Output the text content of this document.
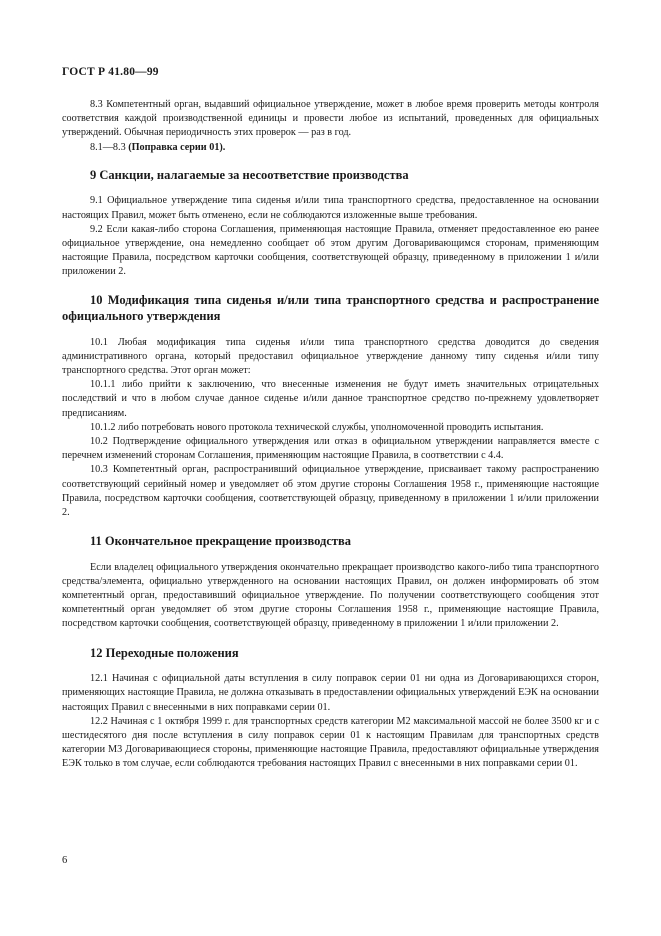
ГОСТ Р 41.80—99

8.3 Компетентный орган, выдавший официальное утверждение, может в любое время проверить методы контроля соответствия каждой производственной единицы и провести любое из испытаний, проведенных для официальных утверждений. Обычная периодичность этих проверок — раз в год.

8.1—8.3 (Поправка серии 01).

9 Санкции, налагаемые за несоответствие производства

9.1 Официальное утверждение типа сиденья и/или типа транспортного средства, предоставленное на основании настоящих Правил, может быть отменено, если не соблюдаются изложенные выше требования.

9.2 Если какая-либо сторона Соглашения, применяющая настоящие Правила, отменяет предоставленное ею ранее официальное утверждение, она немедленно сообщает об этом другим Договаривающимся сторонам, применяющим настоящие Правила, посредством карточки сообщения, соответствующей образцу, приведенному в приложении 1 и/или приложении 2.

10 Модификация типа сиденья и/или типа транспортного средства и распространение официального утверждения

10.1 Любая модификация типа сиденья и/или типа транспортного средства доводится до сведения административного органа, который предоставил официальное утверждение данному типу сиденья и/или типу транспортного средства. Этот орган может:

10.1.1 либо прийти к заключению, что внесенные изменения не будут иметь значительных отрицательных последствий и что в любом случае данное сиденье и/или данное транспортное средство по-прежнему удовлетворяет предписаниям.

10.1.2 либо потребовать нового протокола технической службы, уполномоченной проводить испытания.

10.2 Подтверждение официального утверждения или отказ в официальном утверждении направляется вместе с перечнем изменений сторонам Соглашения, применяющим настоящие Правила, в соответствии с 4.4.

10.3 Компетентный орган, распространивший официальное утверждение, присваивает такому распространению соответствующий серийный номер и уведомляет об этом другие стороны Соглашения 1958 г., применяющие настоящие Правила, посредством карточки сообщения, соответствующей образцу, приведенному в приложении 1 и/или приложении 2.

11 Окончательное прекращение производства

Если владелец официального утверждения окончательно прекращает производство какого-либо типа транспортного средства/элемента, официально утвержденного на основании настоящих Правил, он должен информировать об этом компетентный орган, предоставивший официальное утверждение. По получении соответствующего сообщения этот компетентный орган уведомляет об этом другие стороны Соглашения 1958 г., применяющие настоящие Правила, посредством карточки сообщения, соответствующей образцу, приведенному в приложении 1 и/или приложении 2.

12 Переходные положения

12.1 Начиная с официальной даты вступления в силу поправок серии 01 ни одна из Договаривающихся сторон, применяющих настоящие Правила, не должна отказывать в предоставлении официальных утверждений ЕЭК на основании настоящих Правил с внесенными в них поправками серии 01.

12.2 Начиная с 1 октября 1999 г. для транспортных средств категории М2 максимальной массой не более 3500 кг и с шестидесятого дня после вступления в силу поправок серии 01 к настоящим Правилам для транспортных средств категории М3 Договаривающиеся стороны, применяющие настоящие Правила, предоставляют официальные утверждения ЕЭК только в том случае, если соблюдаются требования настоящих Правил с внесенными в них поправками серии 01.

6
